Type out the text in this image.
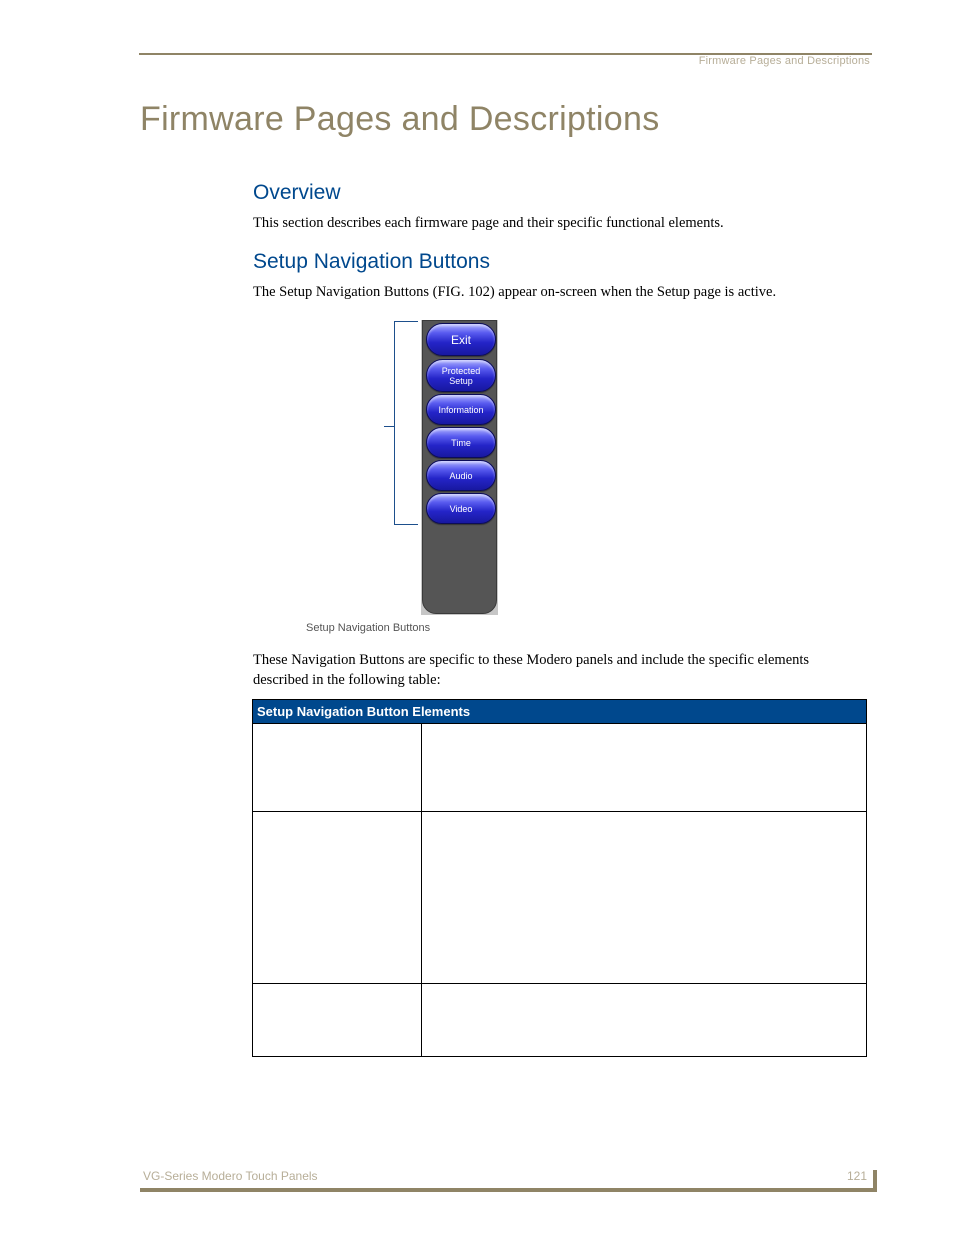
Firmware Pages and Descriptions
Firmware Pages and Descriptions
Overview
This section describes each firmware page and their specific functional elements.
Setup Navigation Buttons
The Setup Navigation Buttons (FIG. 102) appear on-screen when the Setup page is active.
Exit
Protected
Setup
Information
Time
Audio
Video
Setup Navigation Buttons
These Navigation Buttons are specific to these Modero panels and include the specific elements described in the following table:
Setup Navigation Button Elements	

VG-Series Modero Touch Panels	121
